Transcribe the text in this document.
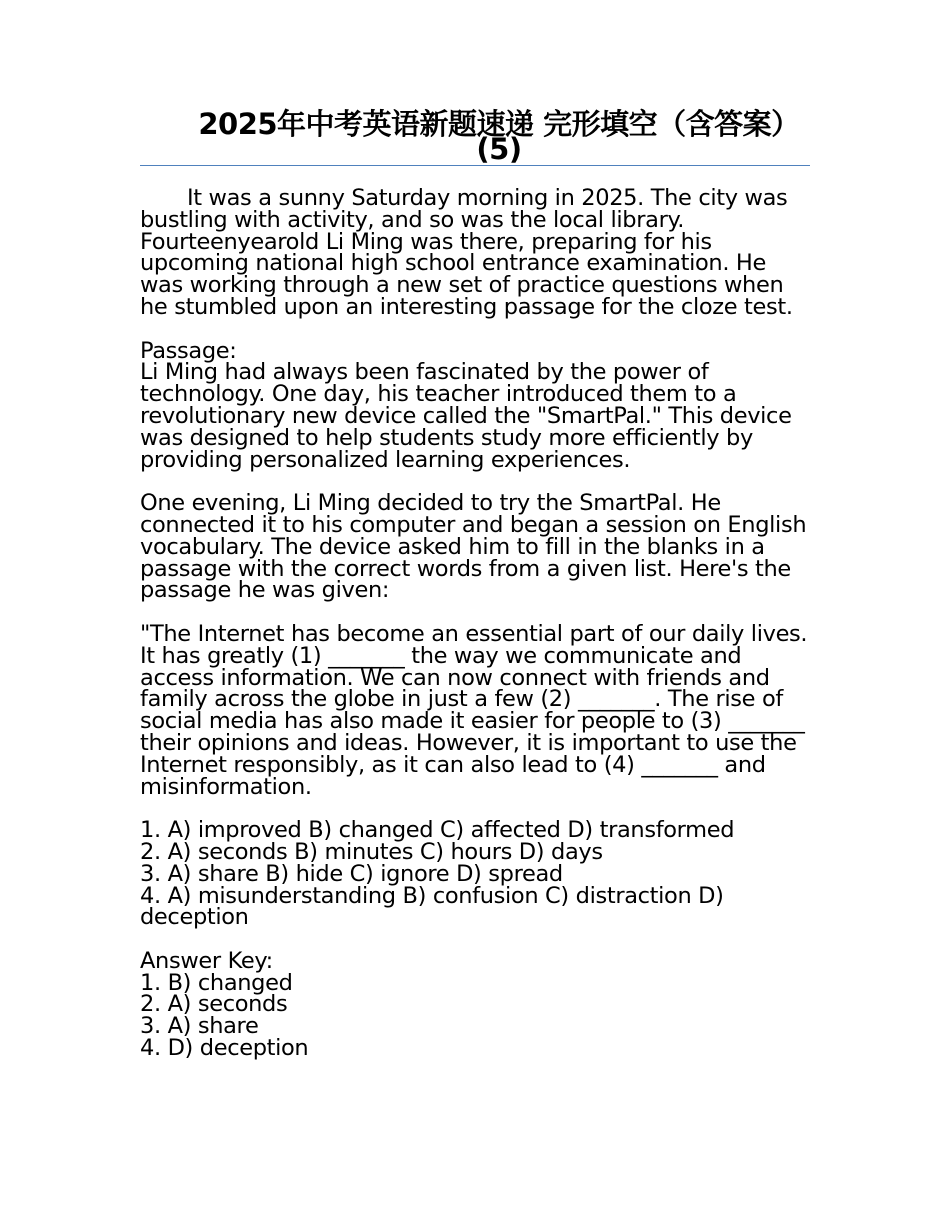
2025年中考英语新题速递 完形填空（含答案）(5)

It was a sunny Saturday morning in 2025. The city was bustling with activity, and so was the local library. Fourteenyearold Li Ming was there, preparing for his upcoming national high school entrance examination. He was working through a new set of practice questions when he stumbled upon an interesting passage for the cloze test.

Passage:
Li Ming had always been fascinated by the power of technology. One day, his teacher introduced them to a revolutionary new device called the "SmartPal." This device was designed to help students study more efficiently by providing personalized learning experiences.

One evening, Li Ming decided to try the SmartPal. He connected it to his computer and began a session on English vocabulary. The device asked him to fill in the blanks in a passage with the correct words from a given list. Here's the passage he was given:

"The Internet has become an essential part of our daily lives. It has greatly (1) _______ the way we communicate and access information. We can now connect with friends and family across the globe in just a few (2) _______. The rise of social media has also made it easier for people to (3) _______ their opinions and ideas. However, it is important to use the Internet responsibly, as it can also lead to (4) _______ and misinformation.

1. A) improved B) changed C) affected D) transformed
2. A) seconds B) minutes C) hours D) days
3. A) share B) hide C) ignore D) spread
4. A) misunderstanding B) confusion C) distraction D) deception

Answer Key:
1. B) changed
2. A) seconds
3. A) share
4. D) deception
